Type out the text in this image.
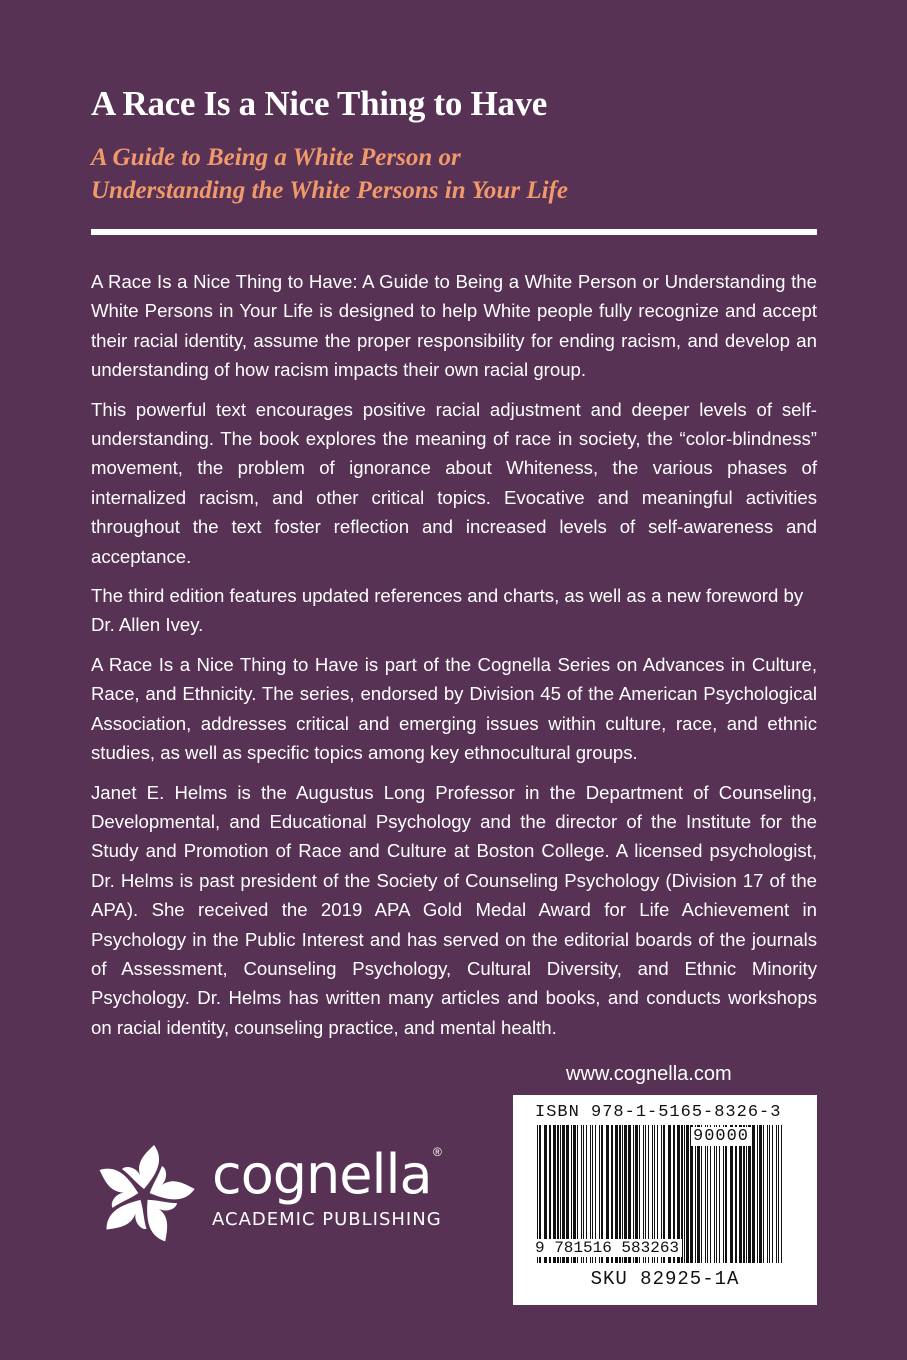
A Race Is a Nice Thing to Have
A Guide to Being a White Person or
Understanding the White Persons in Your Life

A Race Is a Nice Thing to Have: A Guide to Being a White Person or Understanding the White Persons in Your Life is designed to help White people fully recognize and accept their racial identity, assume the proper responsibility for ending racism, and develop an understanding of how racism impacts their own racial group.

This powerful text encourages positive racial adjustment and deeper levels of self-understanding. The book explores the meaning of race in society, the “color-blindness” movement, the problem of ignorance about Whiteness, the various phases of internalized racism, and other critical topics. Evocative and meaningful activities throughout the text foster reflection and increased levels of self-awareness and acceptance.

The third edition features updated references and charts, as well as a new foreword by Dr. Allen Ivey.

A Race Is a Nice Thing to Have is part of the Cognella Series on Advances in Culture, Race, and Ethnicity. The series, endorsed by Division 45 of the American Psychological Association, addresses critical and emerging issues within culture, race, and ethnic studies, as well as specific topics among key ethnocultural groups.

Janet E. Helms is the Augustus Long Professor in the Department of Counseling, Developmental, and Educational Psychology and the director of the Institute for the Study and Promotion of Race and Culture at Boston College. A licensed psychologist, Dr. Helms is past president of the Society of Counseling Psychology (Division 17 of the APA). She received the 2019 APA Gold Medal Award for Life Achievement in Psychology in the Public Interest and has served on the editorial boards of the journals of Assessment, Counseling Psychology, Cultural Diversity, and Ethnic Minority Psychology. Dr. Helms has written many articles and books, and conducts workshops on racial identity, counseling practice, and mental health.

www.cognella.com
cognella ®
ACADEMIC PUBLISHING
ISBN 978-1-5165-8326-3
90000
9 781516 583263
SKU 82925-1A
